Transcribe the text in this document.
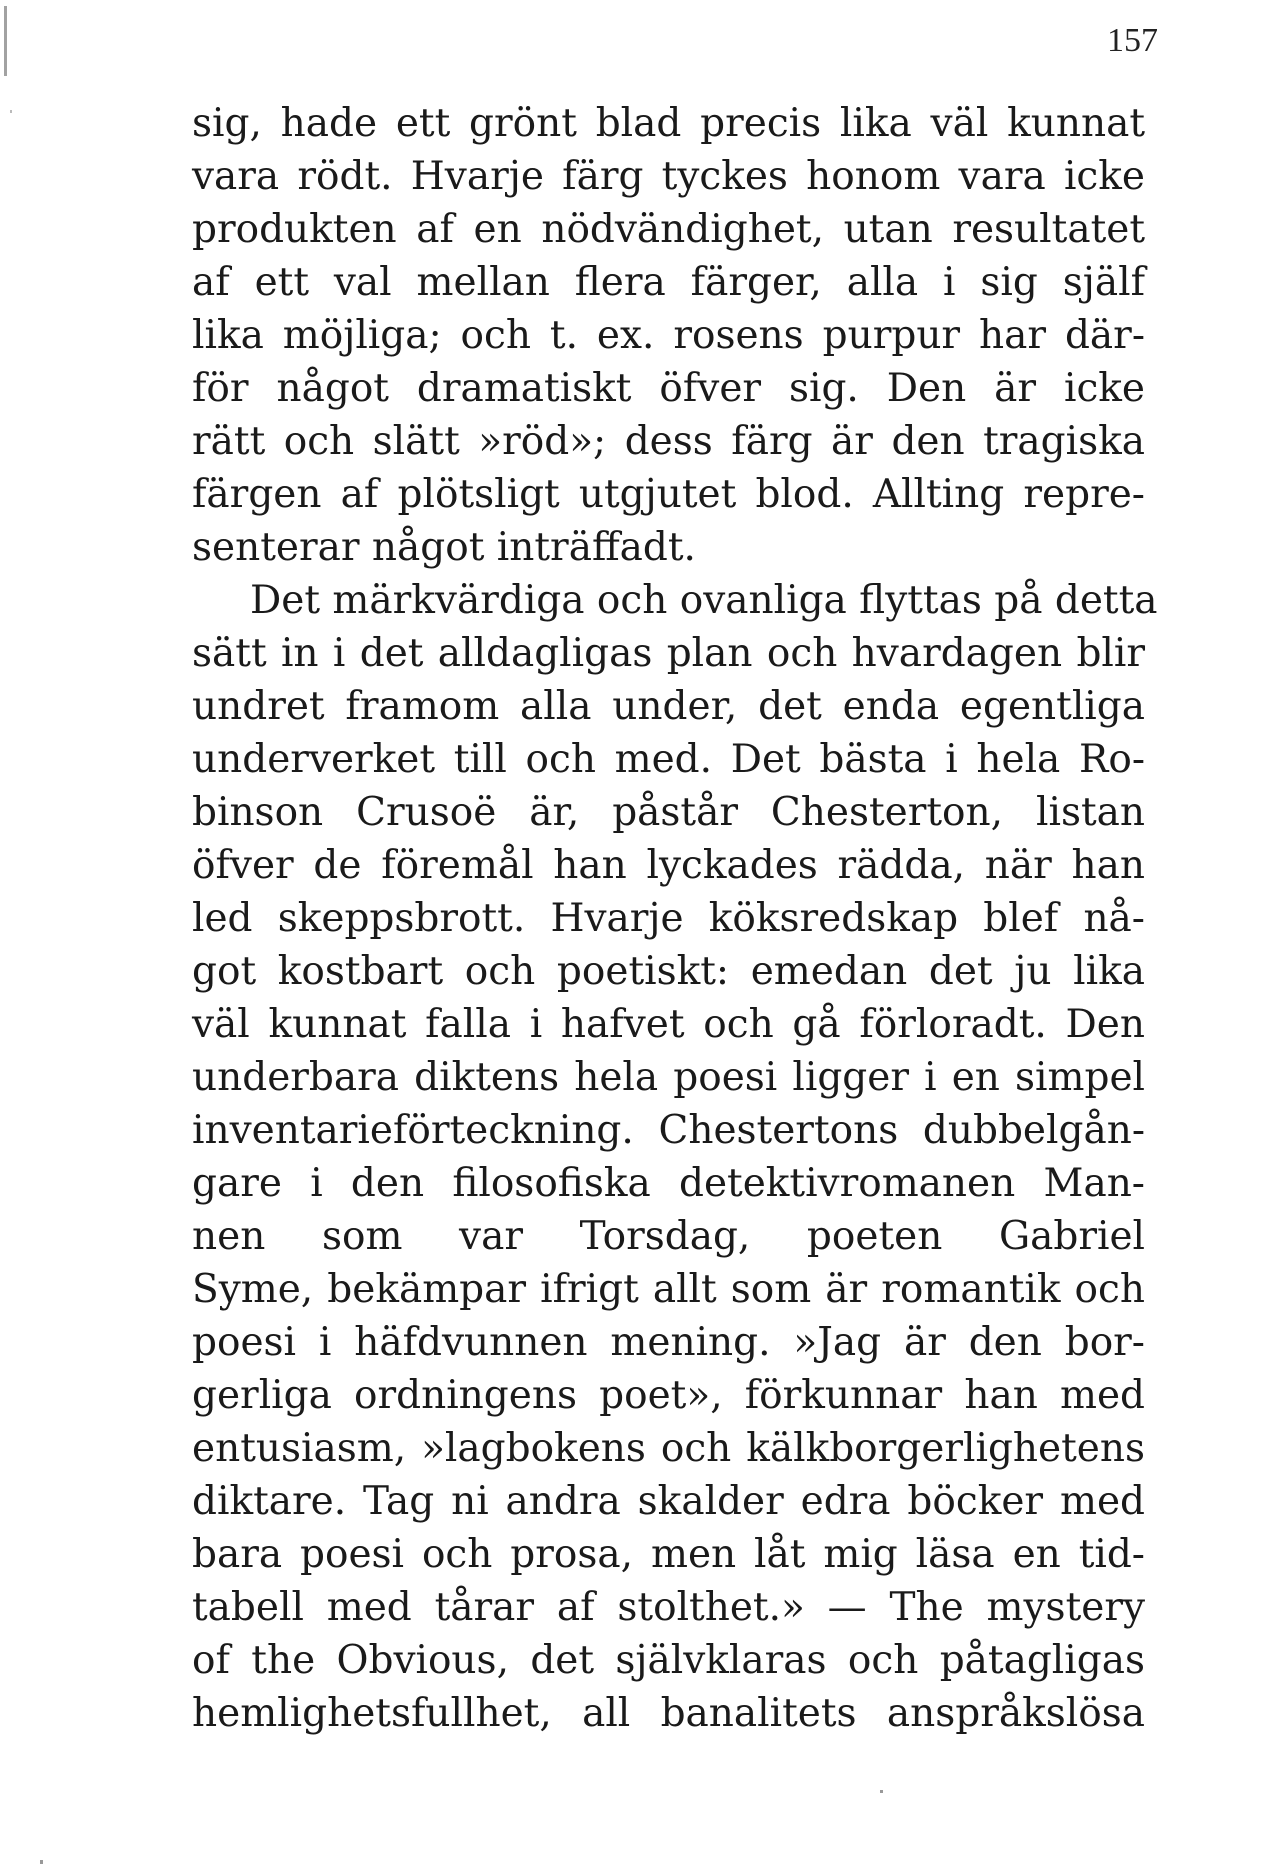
157
sig, hade ett grönt blad precis lika väl kunnat
vara rödt. Hvarje färg tyckes honom vara icke
produkten af en nödvändighet, utan resultatet
af ett val mellan flera färger, alla i sig själf
lika möjliga; och t. ex. rosens purpur har där-
för något dramatiskt öfver sig. Den är icke
rätt och slätt »röd»; dess färg är den tragiska
färgen af plötsligt utgjutet blod. Allting repre-
senterar något inträffadt.
Det märkvärdiga och ovanliga flyttas på detta
sätt in i det alldagligas plan och hvardagen blir
undret framom alla under, det enda egentliga
underverket till och med. Det bästa i hela Ro-
binson Crusoë är, påstår Chesterton, listan
öfver de föremål han lyckades rädda, när han
led skeppsbrott. Hvarje köksredskap blef nå-
got kostbart och poetiskt: emedan det ju lika
väl kunnat falla i hafvet och gå förloradt. Den
underbara diktens hela poesi ligger i en simpel
inventarieförteckning. Chestertons dubbelgån-
gare i den filosofiska detektivromanen Man-
nen som var Torsdag, poeten Gabriel
Syme, bekämpar ifrigt allt som är romantik och
poesi i häfdvunnen mening. »Jag är den bor-
gerliga ordningens poet», förkunnar han med
entusiasm, »lagbokens och kälkborgerlighetens
diktare. Tag ni andra skalder edra böcker med
bara poesi och prosa, men låt mig läsa en tid-
tabell med tårar af stolthet.» — The mystery
of the Obvious, det självklaras och påtagligas
hemlighetsfullhet, all banalitets anspråkslösa
